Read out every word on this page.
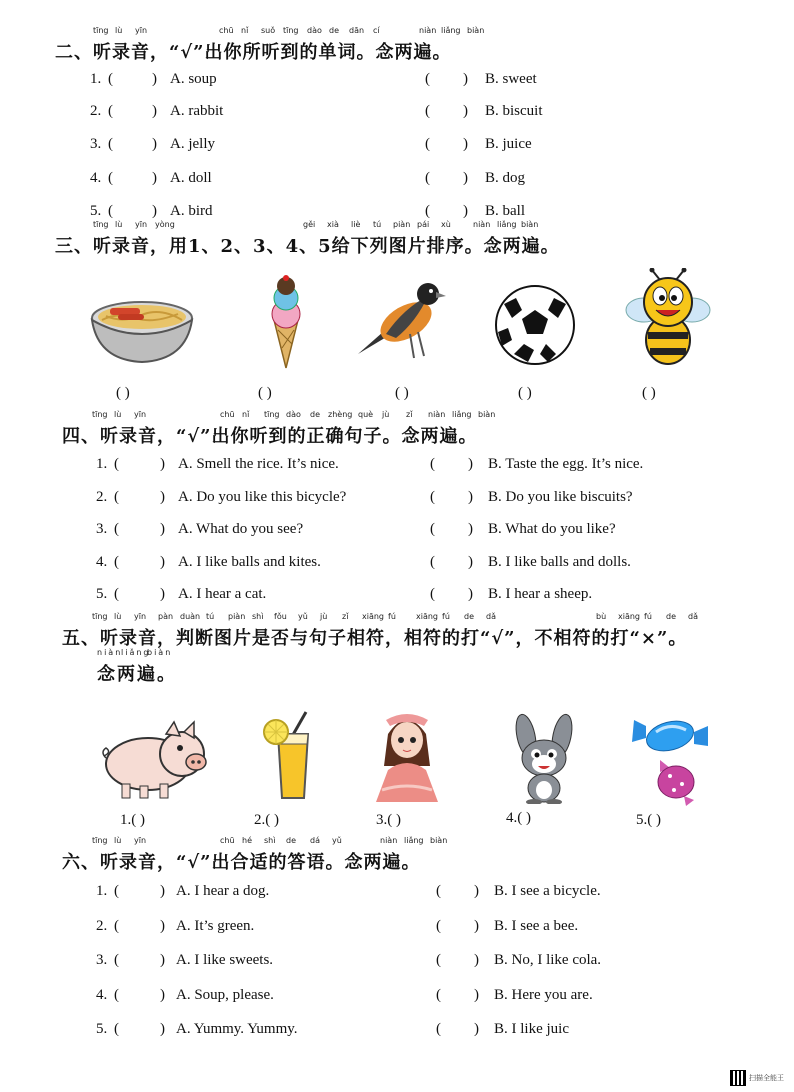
二、听录音，“√”出你所听到的单词。念两遍。
tīng lù yīn	chū nǐ suǒ tīng dào de dān cí	niàn liǎng biàn
1. (	) A. soup	( ) B. sweet
2. (	) A. rabbit	( ) B. biscuit
3. (	) A. jelly	( ) B. juice
4. (	) A. doll	( ) B. dog
5. (	) A. bird	( ) B. ball
三、听录音，用1、2、3、4、5给下列图片排序。念两遍。
tīng lù yīn yòng	gěi xià liè tú piàn pái xù	niàn liǎng biàn
( )	( )	( )	( )	( )
四、听录音，“√”出你听到的正确句子。念两遍。
tīng lù yīn	chū nǐ tīng dào de zhèng què jù zǐ niàn liǎng biàn
1. (	) A. Smell the rice. It’s nice.	( ) B. Taste the egg. It’s nice.
2. (	) A. Do you like this bicycle?	( ) B. Do you like biscuits?
3. (	) A. What do you see?	( ) B. What do you like?
4. (	) A. I like balls and kites.	( ) B. I like balls and dolls.
5. (	) A. I hear a cat.	( ) B. I hear a sheep.
五、听录音，判断图片是否与句子相符，相符的打“√”，不相符的打“×”。
tīng lù yīn pàn duàn tú piàn shì fǒu yǔ jù zǐ xiāng fú	xiāng fú de dǎ	bù xiāng fú de dǎ
念两遍。
niàn
liǎng
biàn
1.( )	2.( )	3.( )	4.( )	5.( )
六、听录音，“√”出合适的答语。念两遍。
tīng lù yīn	chū hé shì de dá yǔ	niàn liǎng biàn
1. (	) A. I hear a dog.	( ) B. I see a bicycle.
2. (	) A. It’s green.	( ) B. I see a bee.
3. (	) A. I like sweets.	( ) B. No, I like cola.
4. (	) A. Soup, please.	( ) B. Here you are.
5. (	) A. Yummy. Yummy.	( ) B. I like juic
扫描全能王
